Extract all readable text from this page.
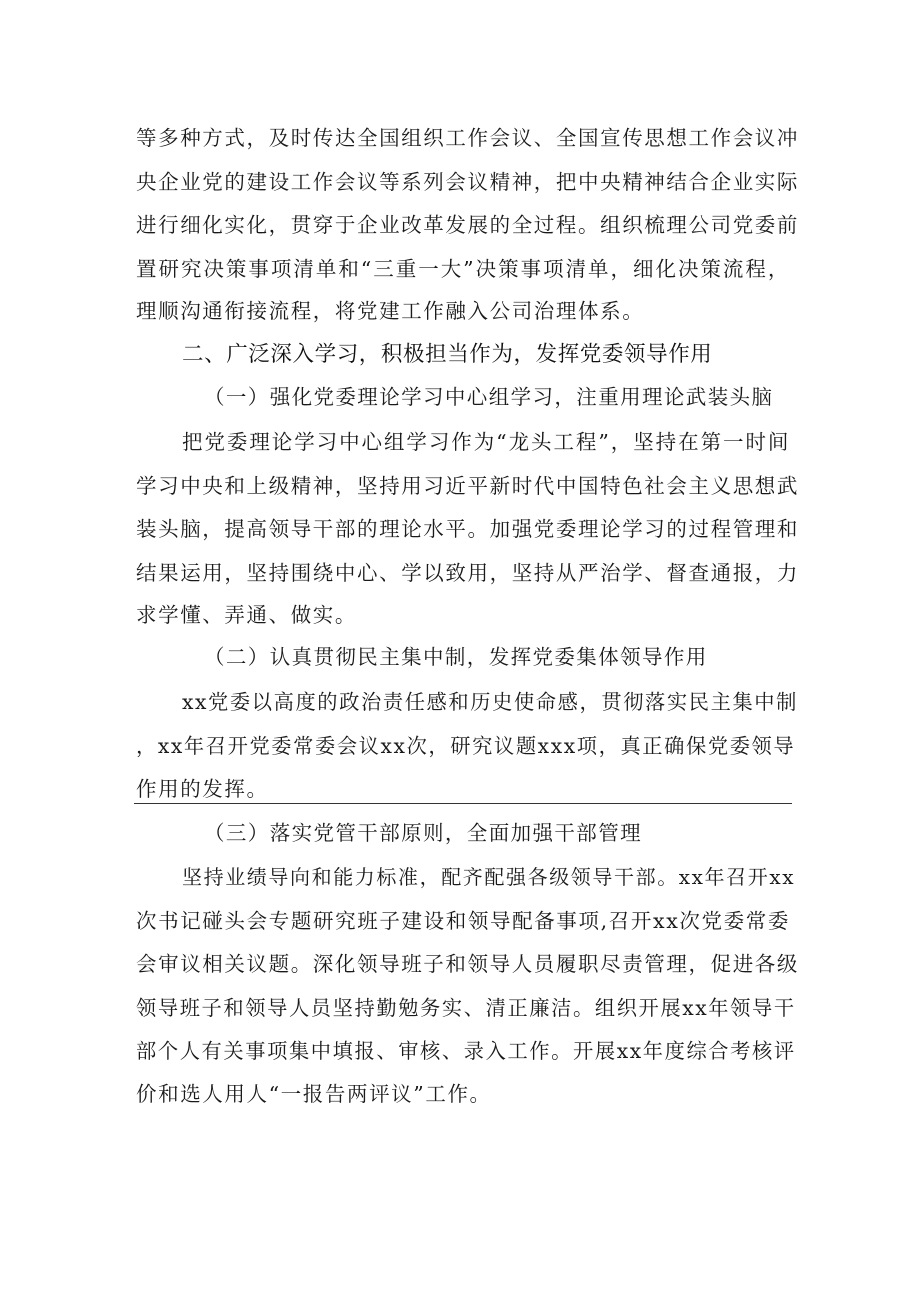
等多种方式，及时传达全国组织工作会议、全国宣传思想工作会议冲
央企业党的建设工作会议等系列会议精神，把中央精神结合企业实际
进行细化实化，贯穿于企业改革发展的全过程。组织梳理公司党委前
置研究决策事项清单和“三重一大”决策事项清单，细化决策流程，
理顺沟通衔接流程，将党建工作融入公司治理体系。
二、广泛深入学习，积极担当作为，发挥党委领导作用
（一）强化党委理论学习中心组学习，注重用理论武装头脑
把党委理论学习中心组学习作为“龙头工程”，坚持在第一时间
学习中央和上级精神，坚持用习近平新时代中国特色社会主义思想武
装头脑，提高领导干部的理论水平。加强党委理论学习的过程管理和
结果运用，坚持围绕中心、学以致用，坚持从严治学、督查通报，力
求学懂、弄通、做实。
（二）认真贯彻民主集中制，发挥党委集体领导作用
xx党委以高度的政治责任感和历史使命感，贯彻落实民主集中制
，xx年召开党委常委会议xx次，研究议题xxx项，真正确保党委领导
作用的发挥。
（三）落实党管干部原则，全面加强干部管理
坚持业绩导向和能力标准，配齐配强各级领导干部。xx年召开xx
次书记碰头会专题研究班子建设和领导配备事项,召开xx次党委常委
会审议相关议题。深化领导班子和领导人员履职尽责管理，促进各级
领导班子和领导人员坚持勤勉务实、清正廉洁。组织开展xx年领导干
部个人有关事项集中填报、审核、录入工作。开展xx年度综合考核评
价和选人用人“一报告两评议”工作。
